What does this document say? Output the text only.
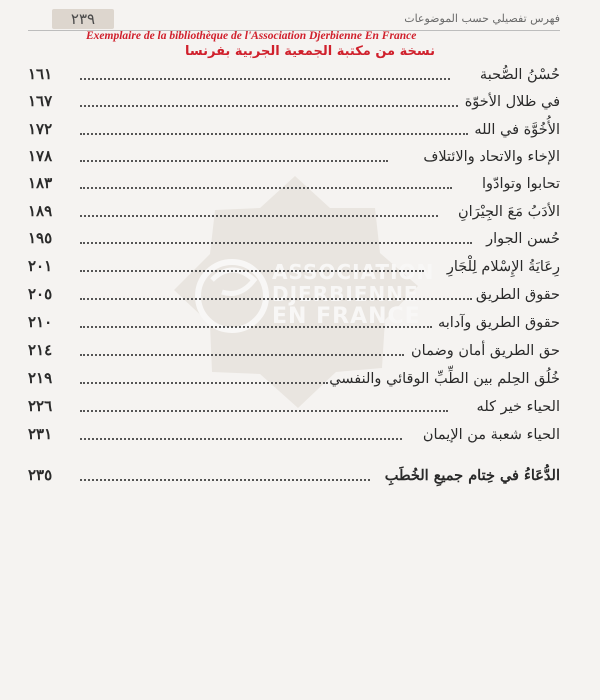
٢٣٩	فهرس تفصيلي حسب الموضوعات
Exemplaire de la bibliothèque de l'Association Djerbienne En France
نسخة من مكتبة الجمعية الجربية بفرنسا
ASSOCIATION
DJERBIENNE
EN FRANCE
١٦١	حُسْنُ الصُّحبة
١٦٧	في ظلال الأخوّة
١٧٢	الأُخُوَّة في الله
١٧٨	الإخاء والاتحاد والائتلاف
١٨٣	تحابوا وتوادّوا
١٨٩	الأدَبُ مَعَ الجِيْرَانِ
١٩٥	حُسن الجوار
٢٠١	رِعَايَةُ الإِسْلام لِلْجَارِ
٢٠٥	حقوق الطريق
٢١٠	حقوق الطريق وآدابه
٢١٤	حق الطريق أمان وضمان
٢١٩	خُلُق الحِلم بين الطِّبِّ الوقائي والنفسي
٢٢٦	الحياء خير كله
٢٣١	الحياء شعبة من الإيمان
٢٣٥	الدُّعَاءُ في خِتام جميعِ الخُطَبِ
